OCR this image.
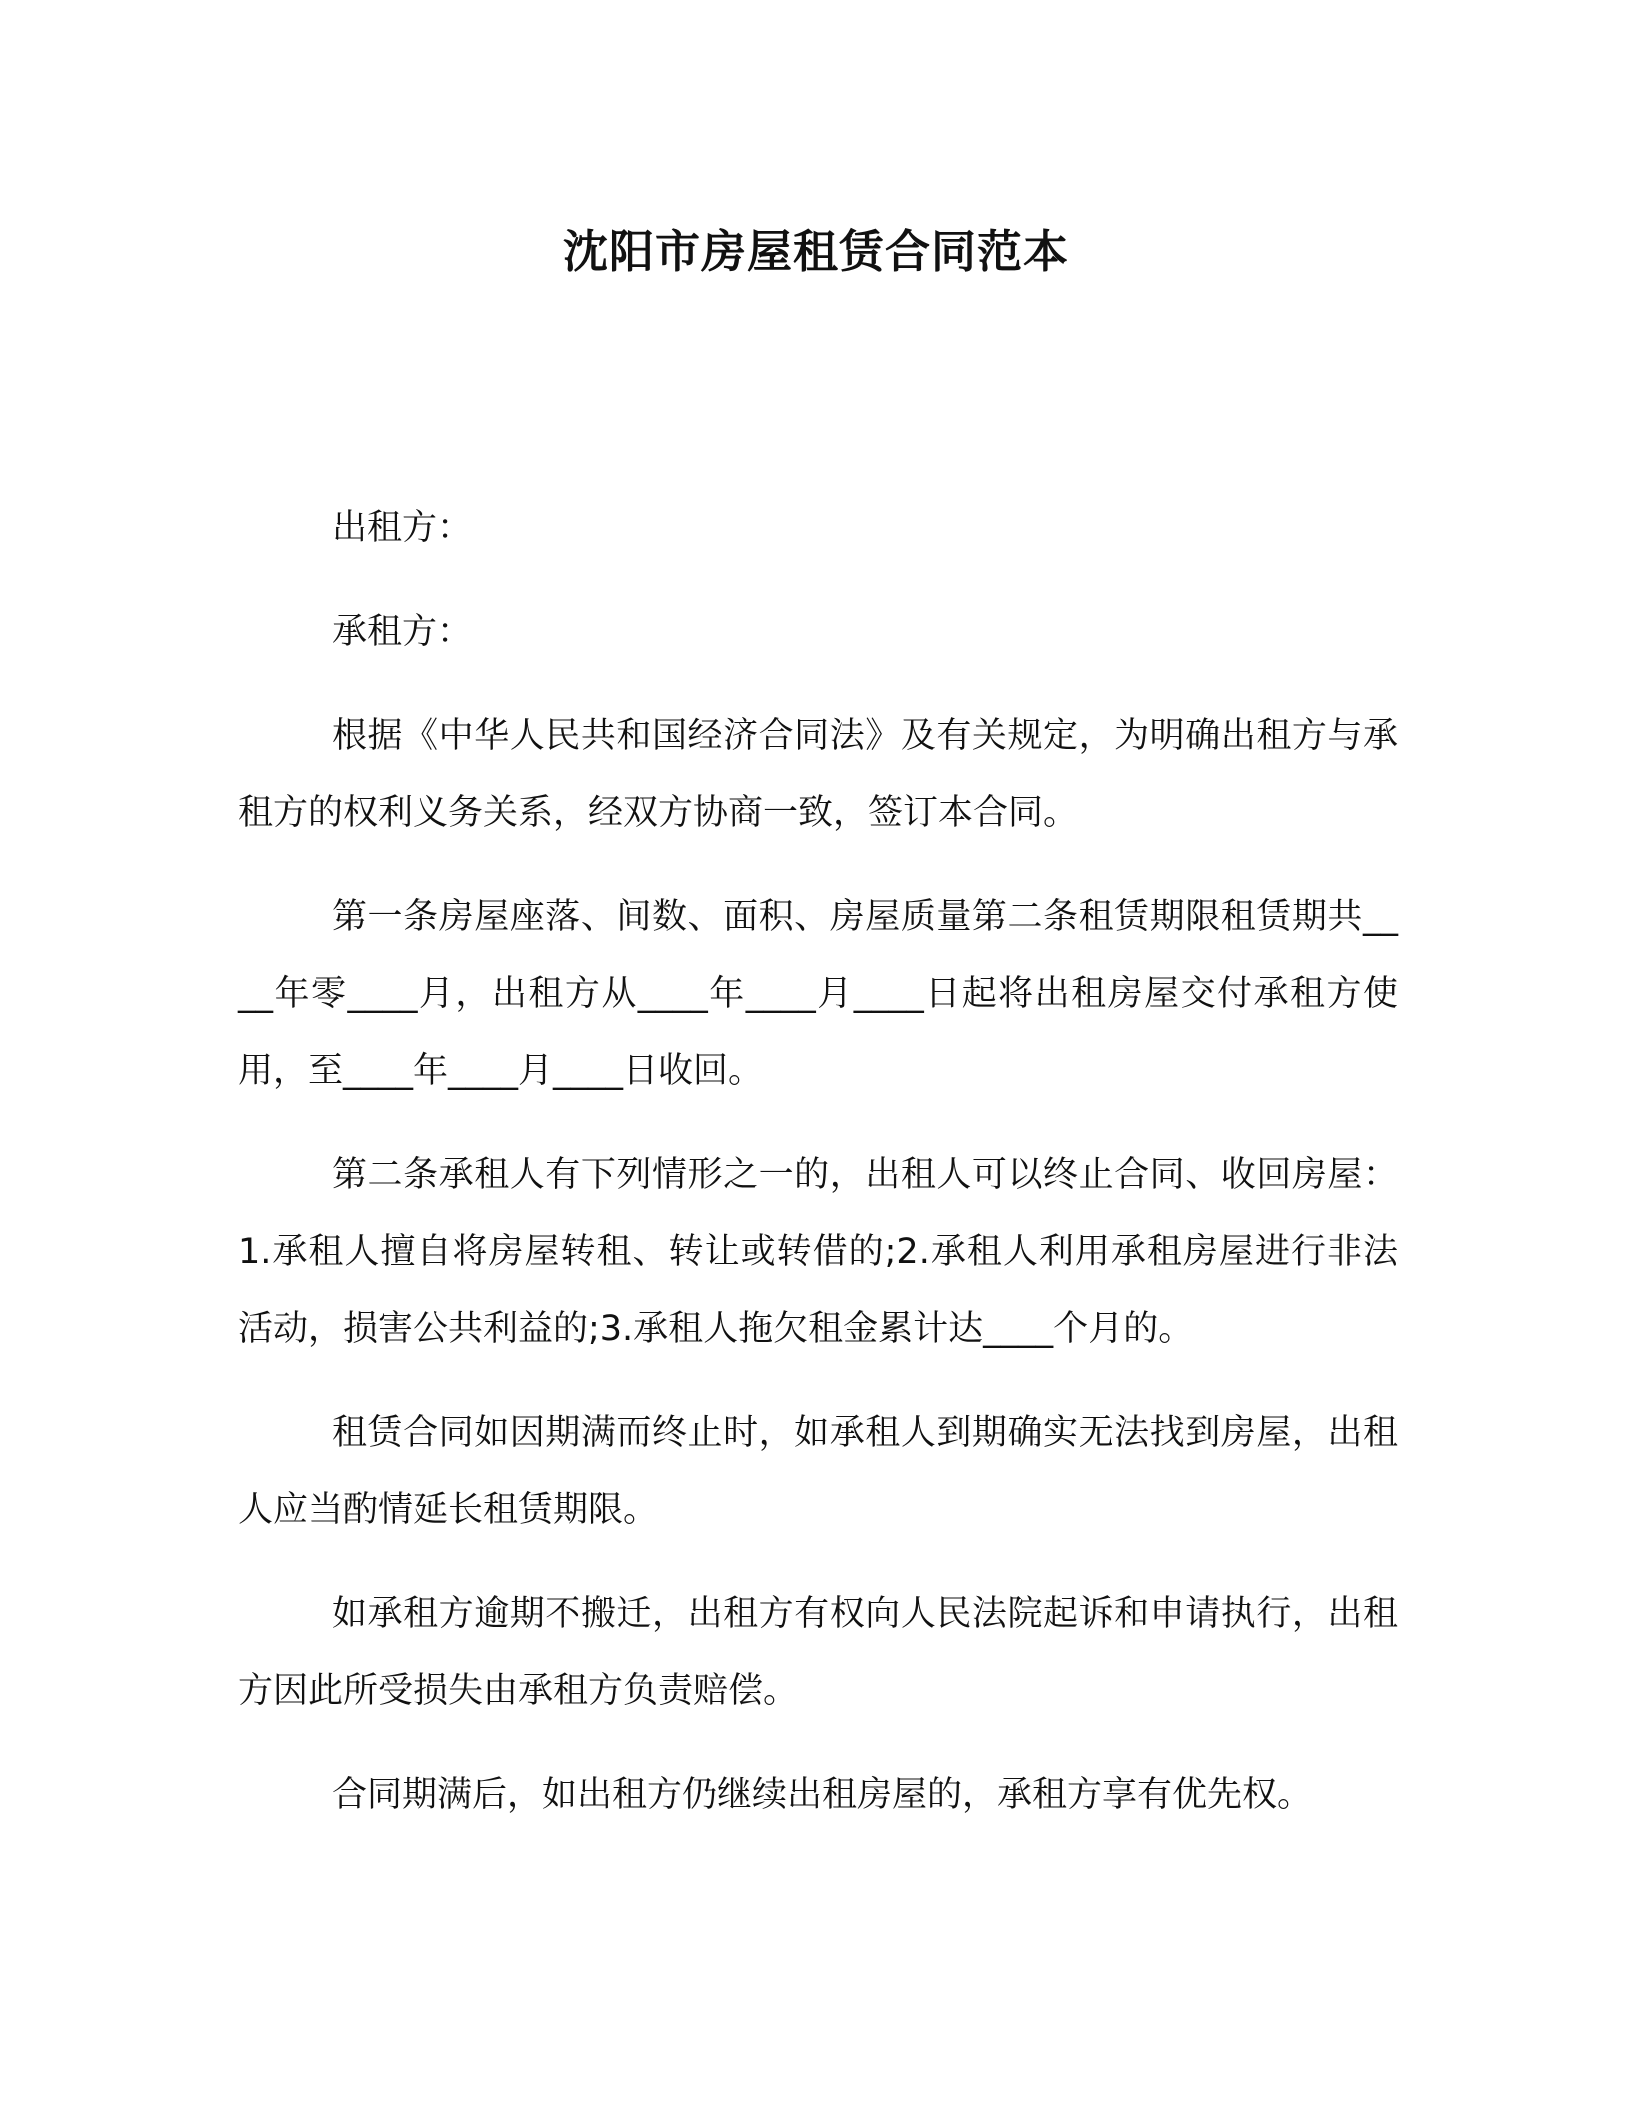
沈阳市房屋租赁合同范本

出租方：

承租方：

根据《中华人民共和国经济合同法》及有关规定，为明确出租方与承租方的权利义务关系，经双方协商一致，签订本合同。

第一条房屋座落、间数、面积、房屋质量第二条租赁期限租赁期共____年零____月，出租方从____年____月____日起将出租房屋交付承租方使用，至____年____月____日收回。

第二条承租人有下列情形之一的，出租人可以终止合同、收回房屋：1.承租人擅自将房屋转租、转让或转借的;2.承租人利用承租房屋进行非法活动，损害公共利益的;3.承租人拖欠租金累计达____个月的。

租赁合同如因期满而终止时，如承租人到期确实无法找到房屋，出租人应当酌情延长租赁期限。

如承租方逾期不搬迁，出租方有权向人民法院起诉和申请执行，出租方因此所受损失由承租方负责赔偿。

合同期满后，如出租方仍继续出租房屋的，承租方享有优先权。
